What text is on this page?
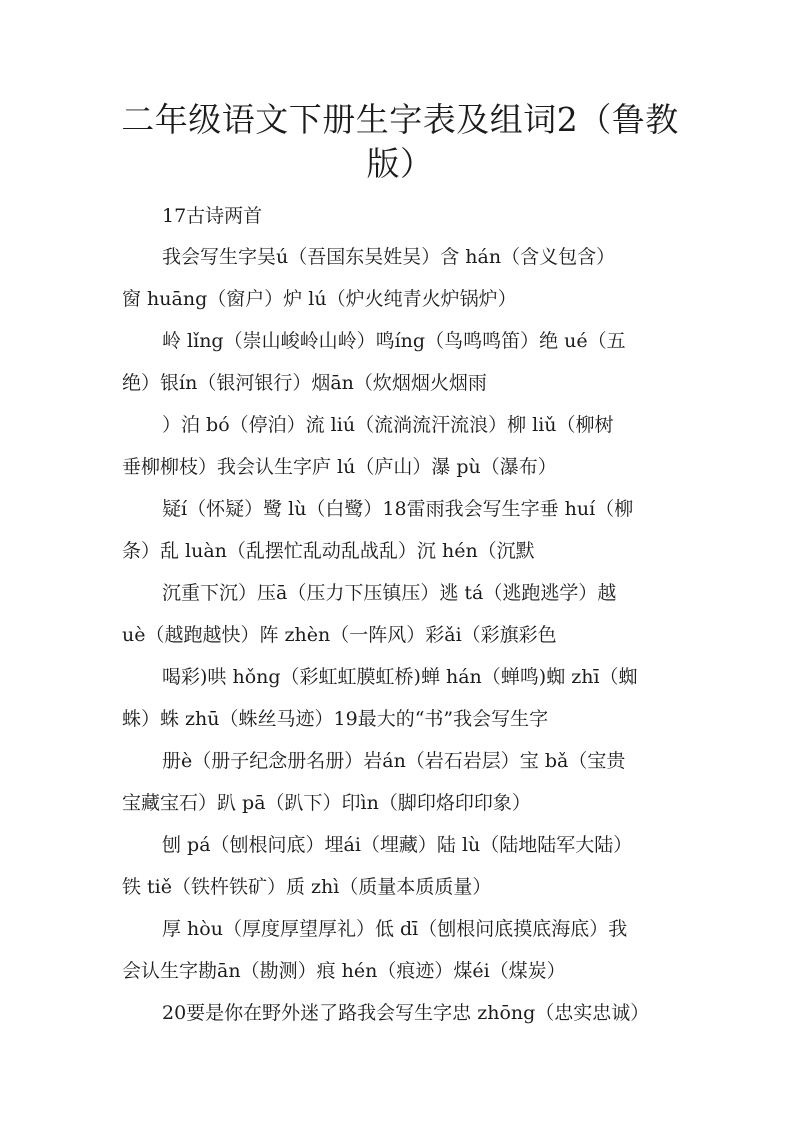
二年级语文下册生字表及组词2（鲁教
版）
17古诗两首
我会写生字吴ú（吾国东吴姓吴）含 hán（含义包含）
窗 huāng（窗户）炉 lú（炉火纯青火炉锅炉）
岭 lǐng（崇山峻岭山岭）鸣íng（鸟鸣鸣笛）绝 ué（五
绝）银ín（银河银行）烟ān（炊烟烟火烟雨
）泊 bó（停泊）流 liú（流淌流汗流浪）柳 liǔ（柳树
垂柳柳枝）我会认生字庐 lú（庐山）瀑 pù（瀑布）
疑í（怀疑）鹭 lù（白鹭）18雷雨我会写生字垂 huí（柳
条）乱 luàn（乱摆忙乱动乱战乱）沉 hén（沉默
沉重下沉）压ā（压力下压镇压）逃 tá（逃跑逃学）越
uè（越跑越快）阵 zhèn（一阵风）彩ǎi（彩旗彩色
喝彩)哄 hǒng（彩虹虹膜虹桥)蝉 hán（蝉鸣)蜘 zhī（蜘
蛛）蛛 zhū（蛛丝马迹）19最大的“书”我会写生字
册è（册子纪念册名册）岩án（岩石岩层）宝 bǎ（宝贵
宝藏宝石）趴 pā（趴下）印ìn（脚印烙印印象）
刨 pá（刨根问底）埋ái（埋藏）陆 lù（陆地陆军大陆）
铁 tiě（铁杵铁矿）质 zhì（质量本质质量）
厚 hòu（厚度厚望厚礼）低 dī（刨根问底摸底海底）我
会认生字勘ān（勘测）痕 hén（痕迹）煤éi（煤炭）
20要是你在野外迷了路我会写生字忠 zhōng（忠实忠诚）
